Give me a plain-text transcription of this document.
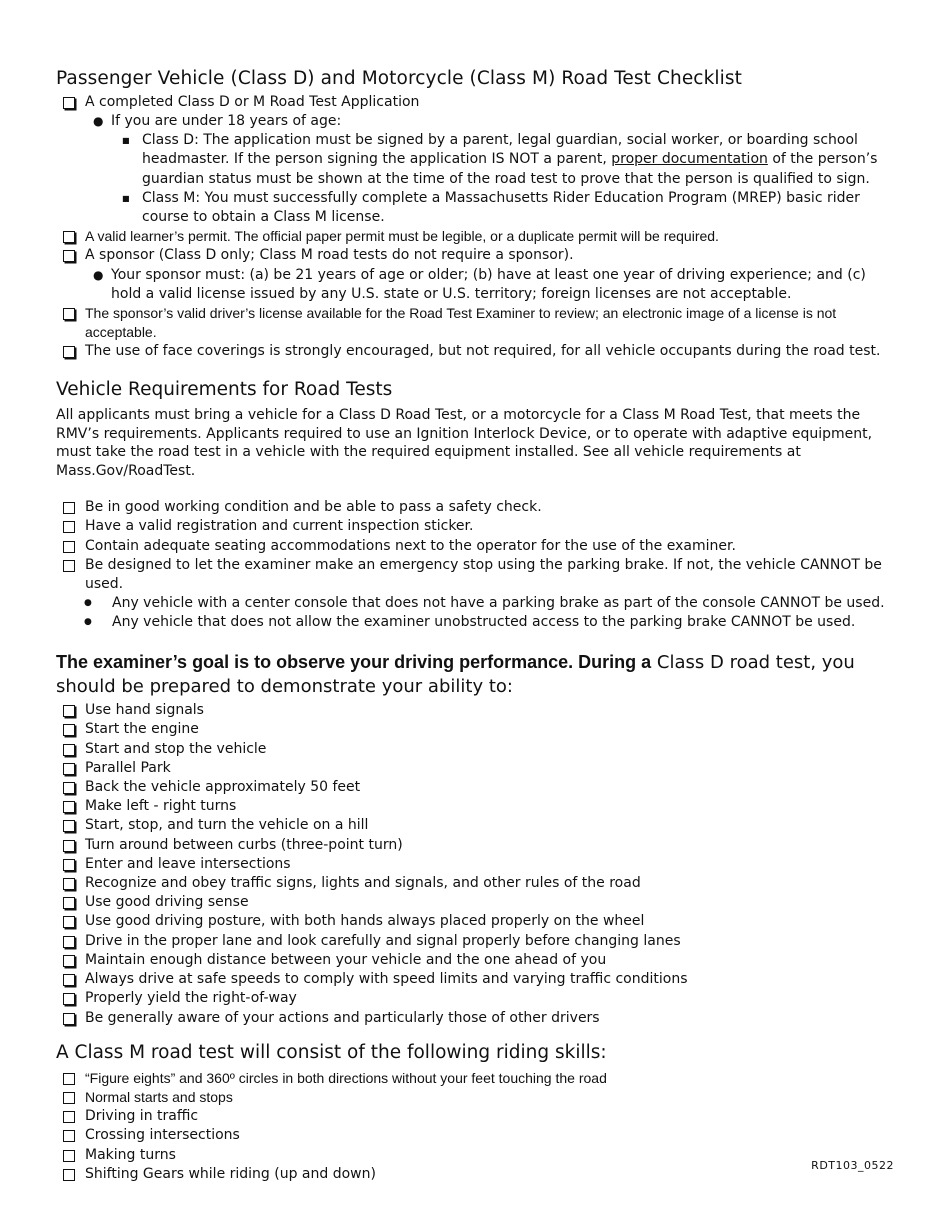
Passenger Vehicle (Class D) and Motorcycle (Class M) Road Test Checklist
A completed Class D or M Road Test Application
● If you are under 18 years of age:
■ Class D: The application must be signed by a parent, legal guardian, social worker, or boarding school headmaster. If the person signing the application IS NOT a parent, proper documentation of the person’s guardian status must be shown at the time of the road test to prove that the person is qualified to sign.
■ Class M: You must successfully complete a Massachusetts Rider Education Program (MREP) basic rider course to obtain a Class M license.
A valid learner’s permit. The official paper permit must be legible, or a duplicate permit will be required.
A sponsor (Class D only; Class M road tests do not require a sponsor).
● Your sponsor must: (a) be 21 years of age or older; (b) have at least one year of driving experience; and (c) hold a valid license issued by any U.S. state or U.S. territory; foreign licenses are not acceptable.
The sponsor’s valid driver’s license available for the Road Test Examiner to review; an electronic image of a license is not acceptable.
The use of face coverings is strongly encouraged, but not required, for all vehicle occupants during the road test.
Vehicle Requirements for Road Tests
All applicants must bring a vehicle for a Class D Road Test, or a motorcycle for a Class M Road Test, that meets the RMV’s requirements. Applicants required to use an Ignition Interlock Device, or to operate with adaptive equipment, must take the road test in a vehicle with the required equipment installed. See all vehicle requirements at Mass.Gov/RoadTest.
Be in good working condition and be able to pass a safety check.
Have a valid registration and current inspection sticker.
Contain adequate seating accommodations next to the operator for the use of the examiner.
Be designed to let the examiner make an emergency stop using the parking brake. If not, the vehicle CANNOT be used.
●	Any vehicle with a center console that does not have a parking brake as part of the console CANNOT be used.
●	Any vehicle that does not allow the examiner unobstructed access to the parking brake CANNOT be used.
The examiner’s goal is to observe your driving performance. During a Class D road test, you should be prepared to demonstrate your ability to:
Use hand signals
Start the engine
Start and stop the vehicle
Parallel Park
Back the vehicle approximately 50 feet
Make left - right turns
Start, stop, and turn the vehicle on a hill
Turn around between curbs (three-point turn)
Enter and leave intersections
Recognize and obey traffic signs, lights and signals, and other rules of the road
Use good driving sense
Use good driving posture, with both hands always placed properly on the wheel
Drive in the proper lane and look carefully and signal properly before changing lanes
Maintain enough distance between your vehicle and the one ahead of you
Always drive at safe speeds to comply with speed limits and varying traffic conditions
Properly yield the right-of-way
Be generally aware of your actions and particularly those of other drivers
A Class M road test will consist of the following riding skills:
“Figure eights” and 360º circles in both directions without your feet touching the road
Normal starts and stops
Driving in traffic
Crossing intersections
Making turns
Shifting Gears while riding (up and down)
RDT103_0522
